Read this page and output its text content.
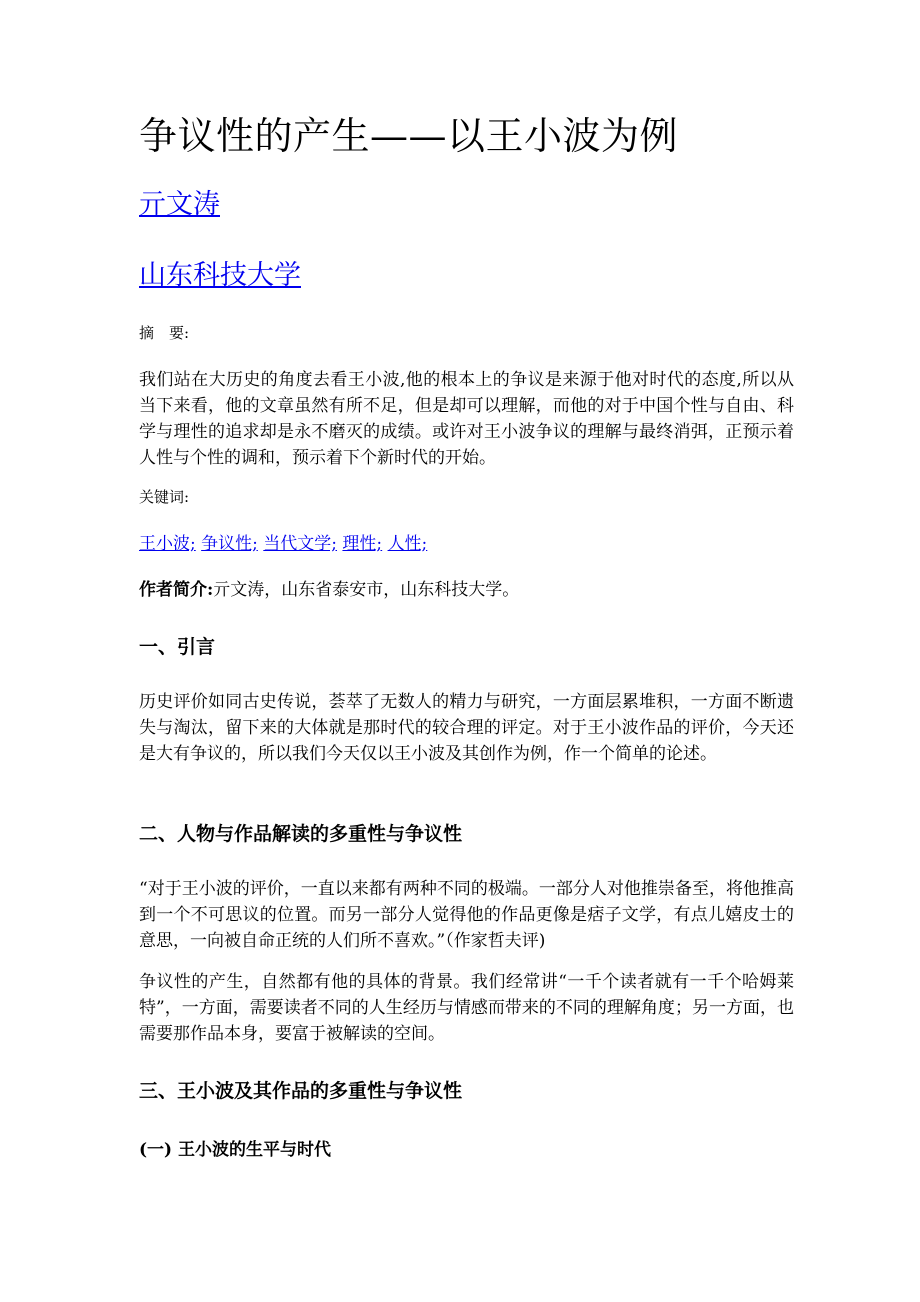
争议性的产生——以王小波为例
亓文涛
山东科技大学

摘　要:

我们站在大历史的角度去看王小波,他的根本上的争议是来源于他对时代的态度,所以从当下来看，他的文章虽然有所不足，但是却可以理解，而他的对于中国个性与自由、科学与理性的追求却是永不磨灭的成绩。或许对王小波争议的理解与最终消弭，正预示着人性与个性的调和，预示着下个新时代的开始。

关键词:

王小波; 争议性; 当代文学; 理性; 人性;

作者简介:亓文涛，山东省泰安市，山东科技大学。

一、引言

历史评价如同古史传说，荟萃了无数人的精力与研究，一方面层累堆积，一方面不断遗失与淘汰，留下来的大体就是那时代的较合理的评定。对于王小波作品的评价，今天还是大有争议的，所以我们今天仅以王小波及其创作为例，作一个简单的论述。

二、人物与作品解读的多重性与争议性

“对于王小波的评价，一直以来都有两种不同的极端。一部分人对他推崇备至，将他推高到一个不可思议的位置。而另一部分人觉得他的作品更像是痞子文学，有点儿嬉皮士的意思，一向被自命正统的人们所不喜欢。”（作家哲夫评)

争议性的产生，自然都有他的具体的背景。我们经常讲“一千个读者就有一千个哈姆莱特”，一方面，需要读者不同的人生经历与情感而带来的不同的理解角度；另一方面，也需要那作品本身，要富于被解读的空间。

三、王小波及其作品的多重性与争议性
(一) 王小波的生平与时代
